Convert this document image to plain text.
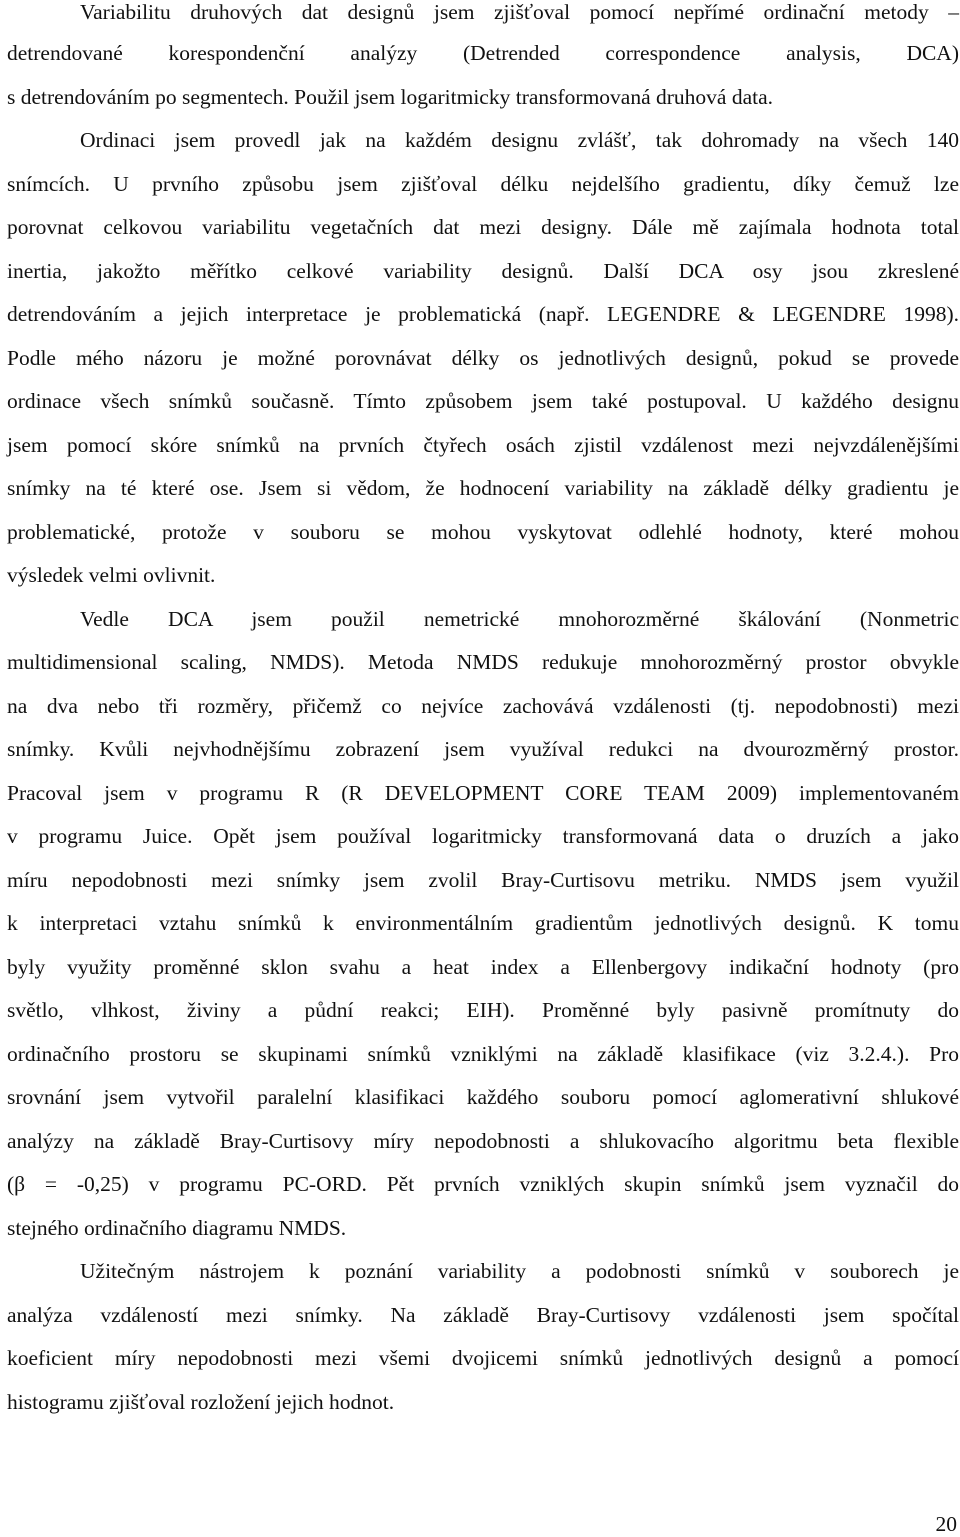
Variabilitu druhových dat designů jsem zjišťoval pomocí nepřímé ordinační metody –
detrendované korespondenční analýzy (Detrended correspondence analysis, DCA)
s detrendováním po segmentech. Použil jsem logaritmicky transformovaná druhová data.
Ordinaci jsem provedl jak na každém designu zvlášť, tak dohromady na všech 140
snímcích. U prvního způsobu jsem zjišťoval délku nejdelšího gradientu, díky čemuž lze
porovnat celkovou variabilitu vegetačních dat mezi designy. Dále mě zajímala hodnota total
inertia, jakožto měřítko celkové variability designů. Další DCA osy jsou zkreslené
detrendováním a jejich interpretace je problematická (např. LEGENDRE & LEGENDRE 1998).
Podle mého názoru je možné porovnávat délky os jednotlivých designů, pokud se provede
ordinace všech snímků současně. Tímto způsobem jsem také postupoval. U každého designu
jsem pomocí skóre snímků na prvních čtyřech osách zjistil vzdálenost mezi nejvzdálenějšími
snímky na té které ose. Jsem si vědom, že hodnocení variability na základě délky gradientu je
problematické, protože v souboru se mohou vyskytovat odlehlé hodnoty, které mohou
výsledek velmi ovlivnit.
Vedle DCA jsem použil nemetrické mnohorozměrné škálování (Nonmetric
multidimensional scaling, NMDS). Metoda NMDS redukuje mnohorozměrný prostor obvykle
na dva nebo tři rozměry, přičemž co nejvíce zachovává vzdálenosti (tj. nepodobnosti) mezi
snímky. Kvůli nejvhodnějšímu zobrazení jsem využíval redukci na dvourozměrný prostor.
Pracoval jsem v programu R (R DEVELOPMENT CORE TEAM 2009) implementovaném
v programu Juice. Opět jsem používal logaritmicky transformovaná data o druzích a jako
míru nepodobnosti mezi snímky jsem zvolil Bray-Curtisovu metriku. NMDS jsem využil
k interpretaci vztahu snímků k environmentálním gradientům jednotlivých designů. K tomu
byly využity proměnné sklon svahu a heat index a Ellenbergovy indikační hodnoty (pro
světlo, vlhkost, živiny a půdní reakci; EIH). Proměnné byly pasivně promítnuty do
ordinačního prostoru se skupinami snímků vzniklými na základě klasifikace (viz 3.2.4.). Pro
srovnání jsem vytvořil paralelní klasifikaci každého souboru pomocí aglomerativní shlukové
analýzy na základě Bray-Curtisovy míry nepodobnosti a shlukovacího algoritmu beta flexible
(β = -0,25) v programu PC-ORD. Pět prvních vzniklých skupin snímků jsem vyznačil do
stejného ordinačního diagramu NMDS.
Užitečným nástrojem k poznání variability a podobnosti snímků v souborech je
analýza vzdáleností mezi snímky. Na základě Bray-Curtisovy vzdálenosti jsem spočítal
koeficient míry nepodobnosti mezi všemi dvojicemi snímků jednotlivých designů a pomocí
histogramu zjišťoval rozložení jejich hodnot.
20
